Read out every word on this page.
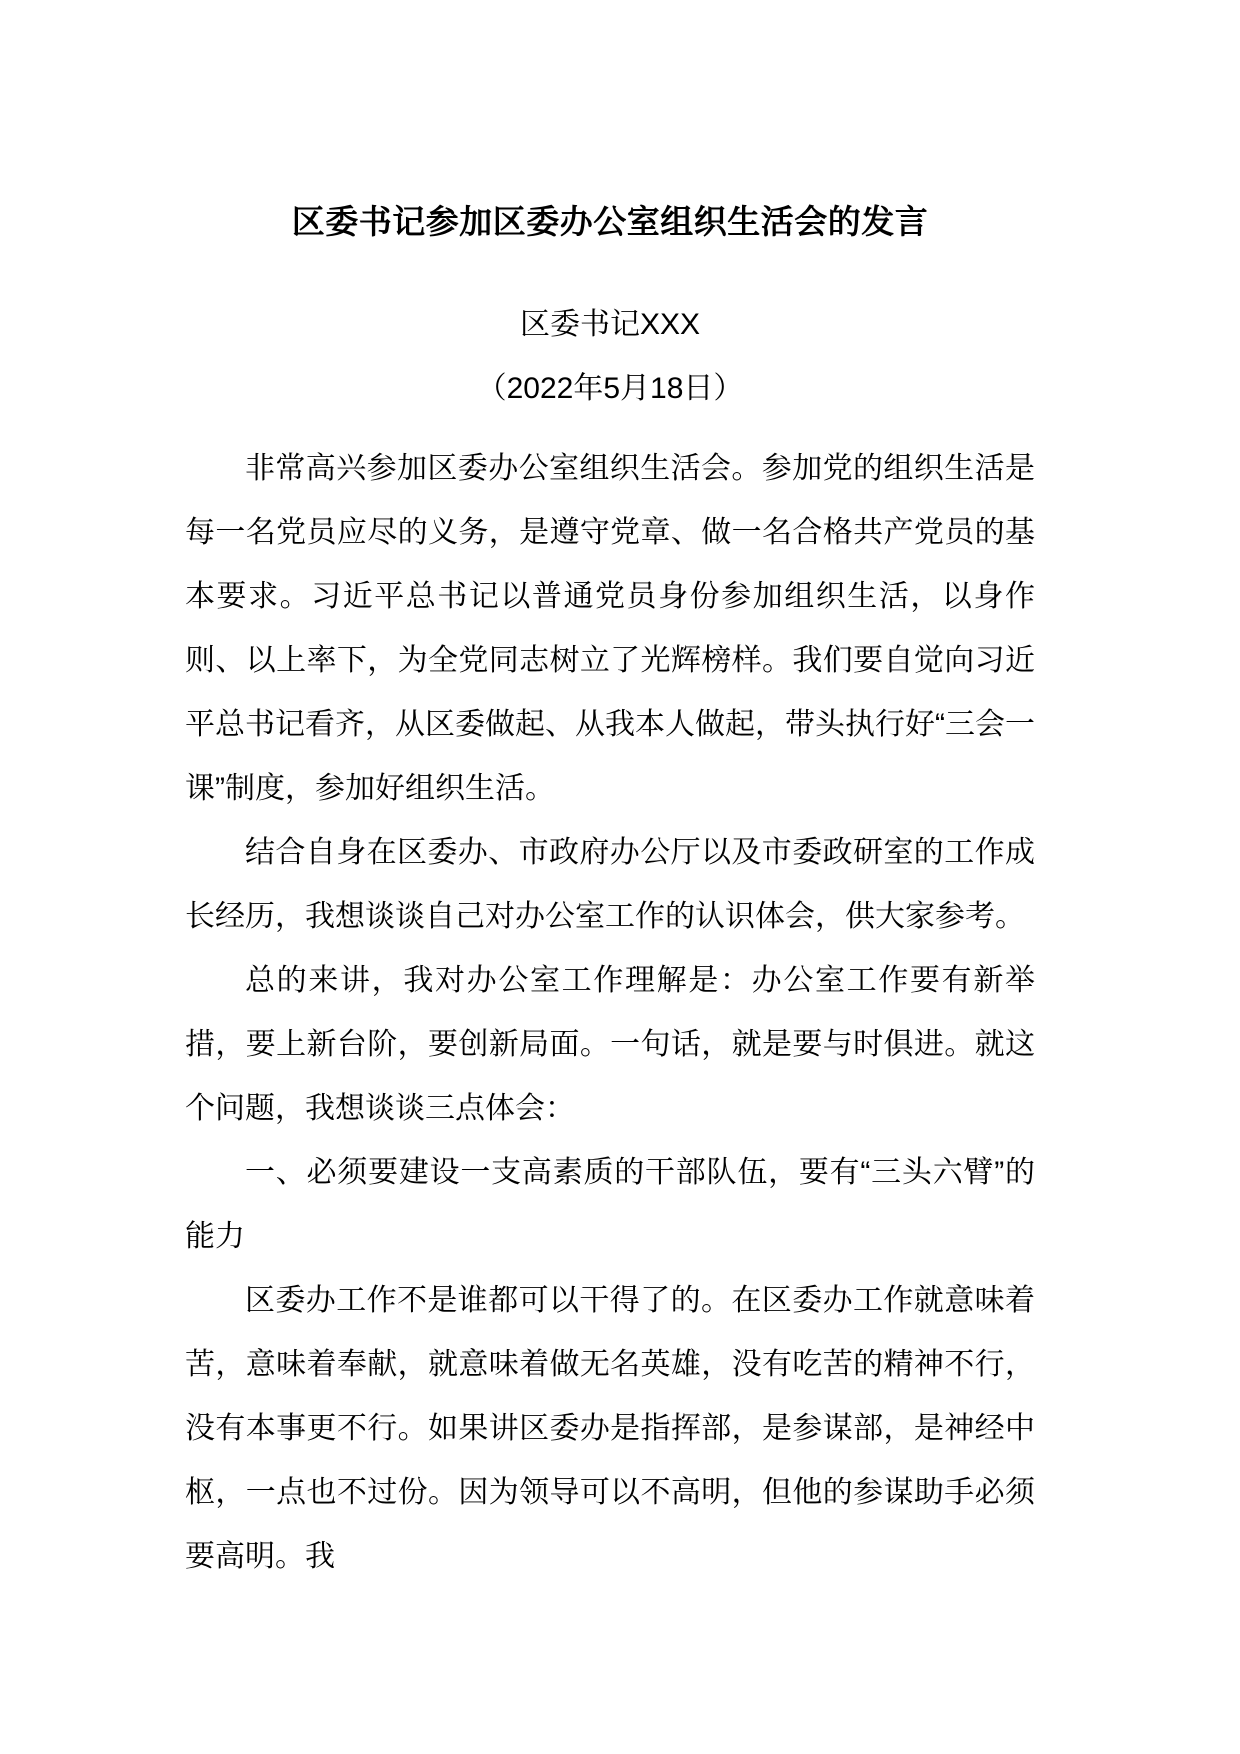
区委书记参加区委办公室组织生活会的发言

区委书记XXX

（2022年5月18日）

非常高兴参加区委办公室组织生活会。参加党的组织生活是每一名党员应尽的义务，是遵守党章、做一名合格共产党员的基本要求。习近平总书记以普通党员身份参加组织生活，以身作则、以上率下，为全党同志树立了光辉榜样。我们要自觉向习近平总书记看齐，从区委做起、从我本人做起，带头执行好“三会一课”制度，参加好组织生活。

结合自身在区委办、市政府办公厅以及市委政研室的工作成长经历，我想谈谈自己对办公室工作的认识体会，供大家参考。

总的来讲，我对办公室工作理解是：办公室工作要有新举措，要上新台阶，要创新局面。一句话，就是要与时俱进。就这个问题，我想谈谈三点体会：

一、必须要建设一支高素质的干部队伍，要有“三头六臂”的能力

区委办工作不是谁都可以干得了的。在区委办工作就意味着苦，意味着奉献，就意味着做无名英雄，没有吃苦的精神不行，没有本事更不行。如果讲区委办是指挥部，是参谋部，是神经中枢，一点也不过份。因为领导可以不高明，但他的参谋助手必须要高明。我
